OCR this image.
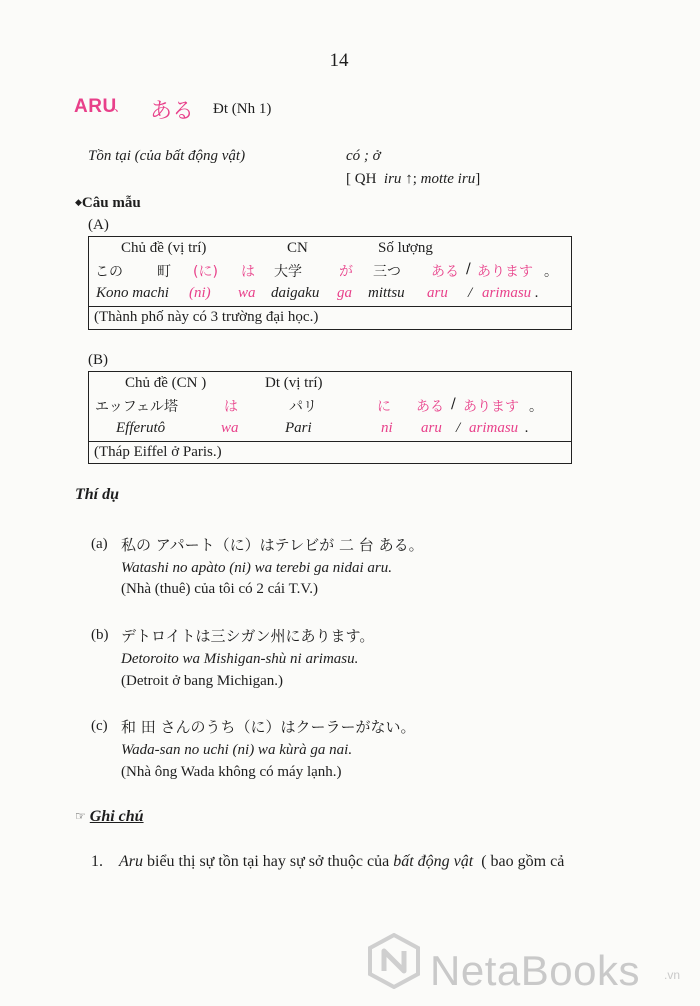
14
ARU
、 ある Đt (Nh 1)
Tồn tại (của bất động vật)	có ; ở
[ QH  iru ↑; motte iru]
◆Câu mẫu
(A)
Chủ đề (vị trí)	CN	Số lượng
この 町 (に) は 大学	が 三つ ある / あります 。
Kono machi (ni) wa daigaku ga mittsu aru / arimasu .
(Thành phố này có 3 trường đại học.)
(B)
Chủ đề (CN )	Dt (vị trí)
エッフェル塔	は	パリ	に ある / あります 。
Efferutô	wa	Pari	ni aru / arimasu .
(Tháp Eiffel ở Paris.)
Thí dụ
(a) 私の アパート（に）はテレビが 二 台 ある。
Watashi no apàto (ni) wa terebi ga nidai aru.
(Nhà (thuê) của tôi có 2 cái T.V.)
(b) デトロイトは三シガン州にあります。
Detoroito wa Mishigan-shù ni arimasu.
(Detroit ở bang Michigan.)
(c) 和 田 さんのうち（に）はクーラーがない。
Wada-san no uchi (ni) wa kùrà ga nai.
(Nhà ông Wada không có máy lạnh.)
☞ Ghi chú
1. Aru biểu thị sự tồn tại hay sự sở thuộc của bất động vật ( bao gồm cả
NetaBooks .vn
